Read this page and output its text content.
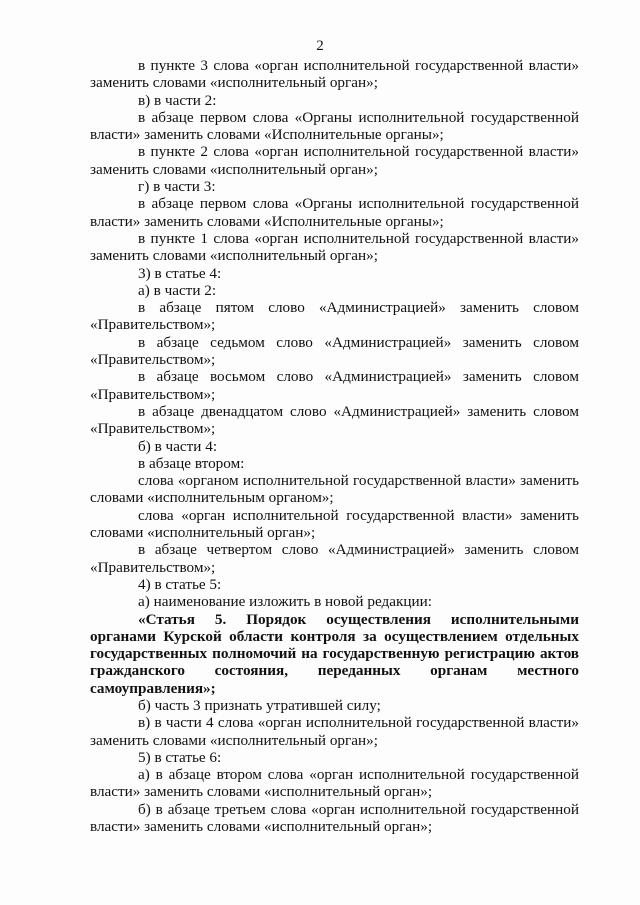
2

в пункте 3 слова «орган исполнительной государственной власти» заменить словами «исполнительный орган»;

в) в части 2:

в абзаце первом слова «Органы исполнительной государственной власти» заменить словами «Исполнительные органы»;

в пункте 2 слова «орган исполнительной государственной власти» заменить словами «исполнительный орган»;

г) в части 3:

в абзаце первом слова «Органы исполнительной государственной власти» заменить словами «Исполнительные органы»;

в пункте 1 слова «орган исполнительной государственной власти» заменить словами «исполнительный орган»;

3) в статье 4:

а) в части 2:

в абзаце пятом слово «Администрацией» заменить словом «Правительством»;

в абзаце седьмом слово «Администрацией» заменить словом «Правительством»;

в абзаце восьмом слово «Администрацией» заменить словом «Правительством»;

в абзаце двенадцатом слово «Администрацией» заменить словом «Правительством»;

б) в части 4:

в абзаце втором:

слова «органом исполнительной государственной власти» заменить словами «исполнительным органом»;

слова «орган исполнительной государственной власти» заменить словами «исполнительный орган»;

в абзаце четвертом слово «Администрацией» заменить словом «Правительством»;

4) в статье 5:

а) наименование изложить в новой редакции:

«Статья 5. Порядок осуществления исполнительными органами Курской области контроля за осуществлением отдельных государственных полномочий на государственную регистрацию актов гражданского состояния, переданных органам местного самоуправления»;

б) часть 3 признать утратившей силу;

в) в части 4 слова «орган исполнительной государственной власти» заменить словами «исполнительный орган»;

5) в статье 6:

а) в абзаце втором слова «орган исполнительной государственной власти» заменить словами «исполнительный орган»;

б) в абзаце третьем слова «орган исполнительной государственной власти» заменить словами «исполнительный орган»;
